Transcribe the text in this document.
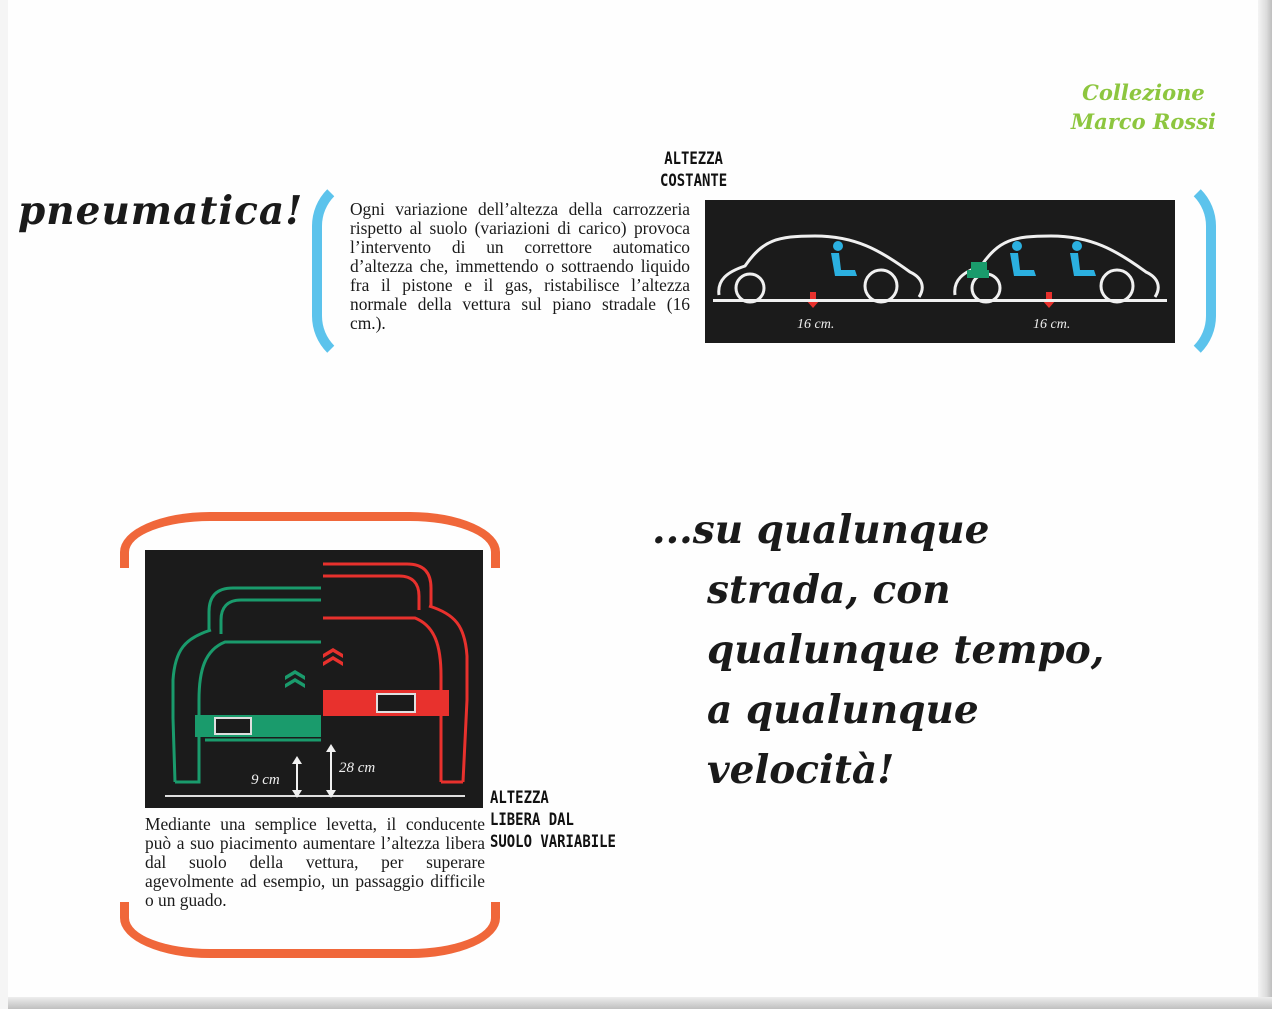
Collezione
Marco Rossi
pneumatica!
ALTEZZA
COSTANTE
Ogni variazione dell’altezza della carrozzeria rispetto al suolo (variazioni di carico) provoca l’intervento di un correttore automatico d’altezza che, immettendo o sottraendo liquido fra il pistone e il gas, ristabilisce l’altezza normale della vettura sul piano stradale (16 cm.).	16 cm.	16 cm.
9 cm
28 cm
Mediante una semplice levetta, il conducente può a suo piacimento aumentare l’altezza libera dal suolo della vettura, per superare agevolmente ad esempio, un passaggio difficile o un guado.
ALTEZZA
LIBERA DAL
SUOLO VARIABILE
...su qualunque
strada, con
qualunque tempo,
a qualunque
velocità!
